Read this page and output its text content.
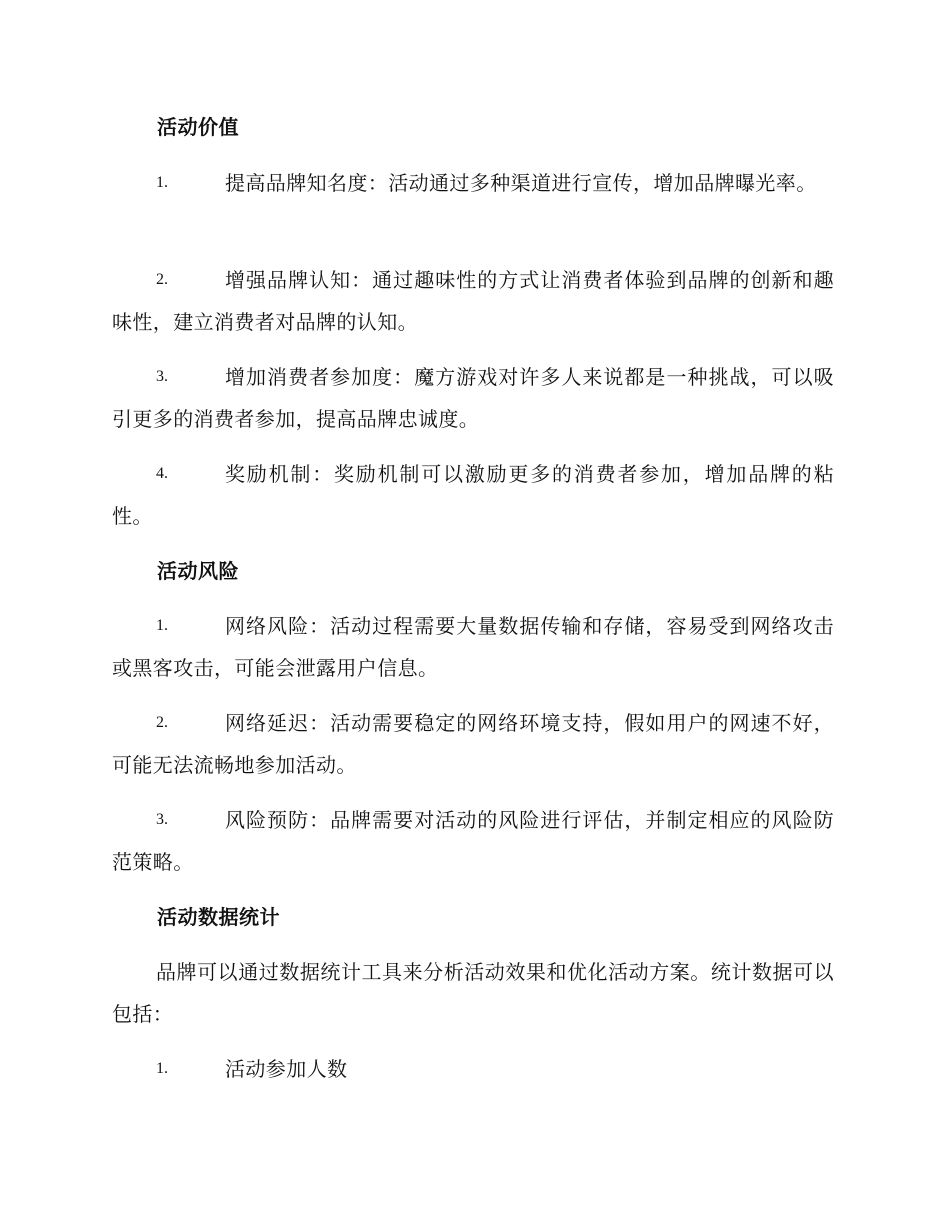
活动价值
1.	提高品牌知名度：活动通过多种渠道进行宣传，增加品牌曝光率。
2.	增强品牌认知：通过趣味性的方式让消费者体验到品牌的创新和趣味性，建立消费者对品牌的认知。
3.	增加消费者参加度：魔方游戏对许多人来说都是一种挑战，可以吸引更多的消费者参加，提高品牌忠诚度。
4.	奖励机制：奖励机制可以激励更多的消费者参加，增加品牌的粘性。
活动风险
1.	网络风险：活动过程需要大量数据传输和存储，容易受到网络攻击或黑客攻击，可能会泄露用户信息。
2.	网络延迟：活动需要稳定的网络环境支持，假如用户的网速不好，可能无法流畅地参加活动。
3.	风险预防：品牌需要对活动的风险进行评估，并制定相应的风险防范策略。
活动数据统计
品牌可以通过数据统计工具来分析活动效果和优化活动方案。统计数据可以包括：
1.	活动参加人数
